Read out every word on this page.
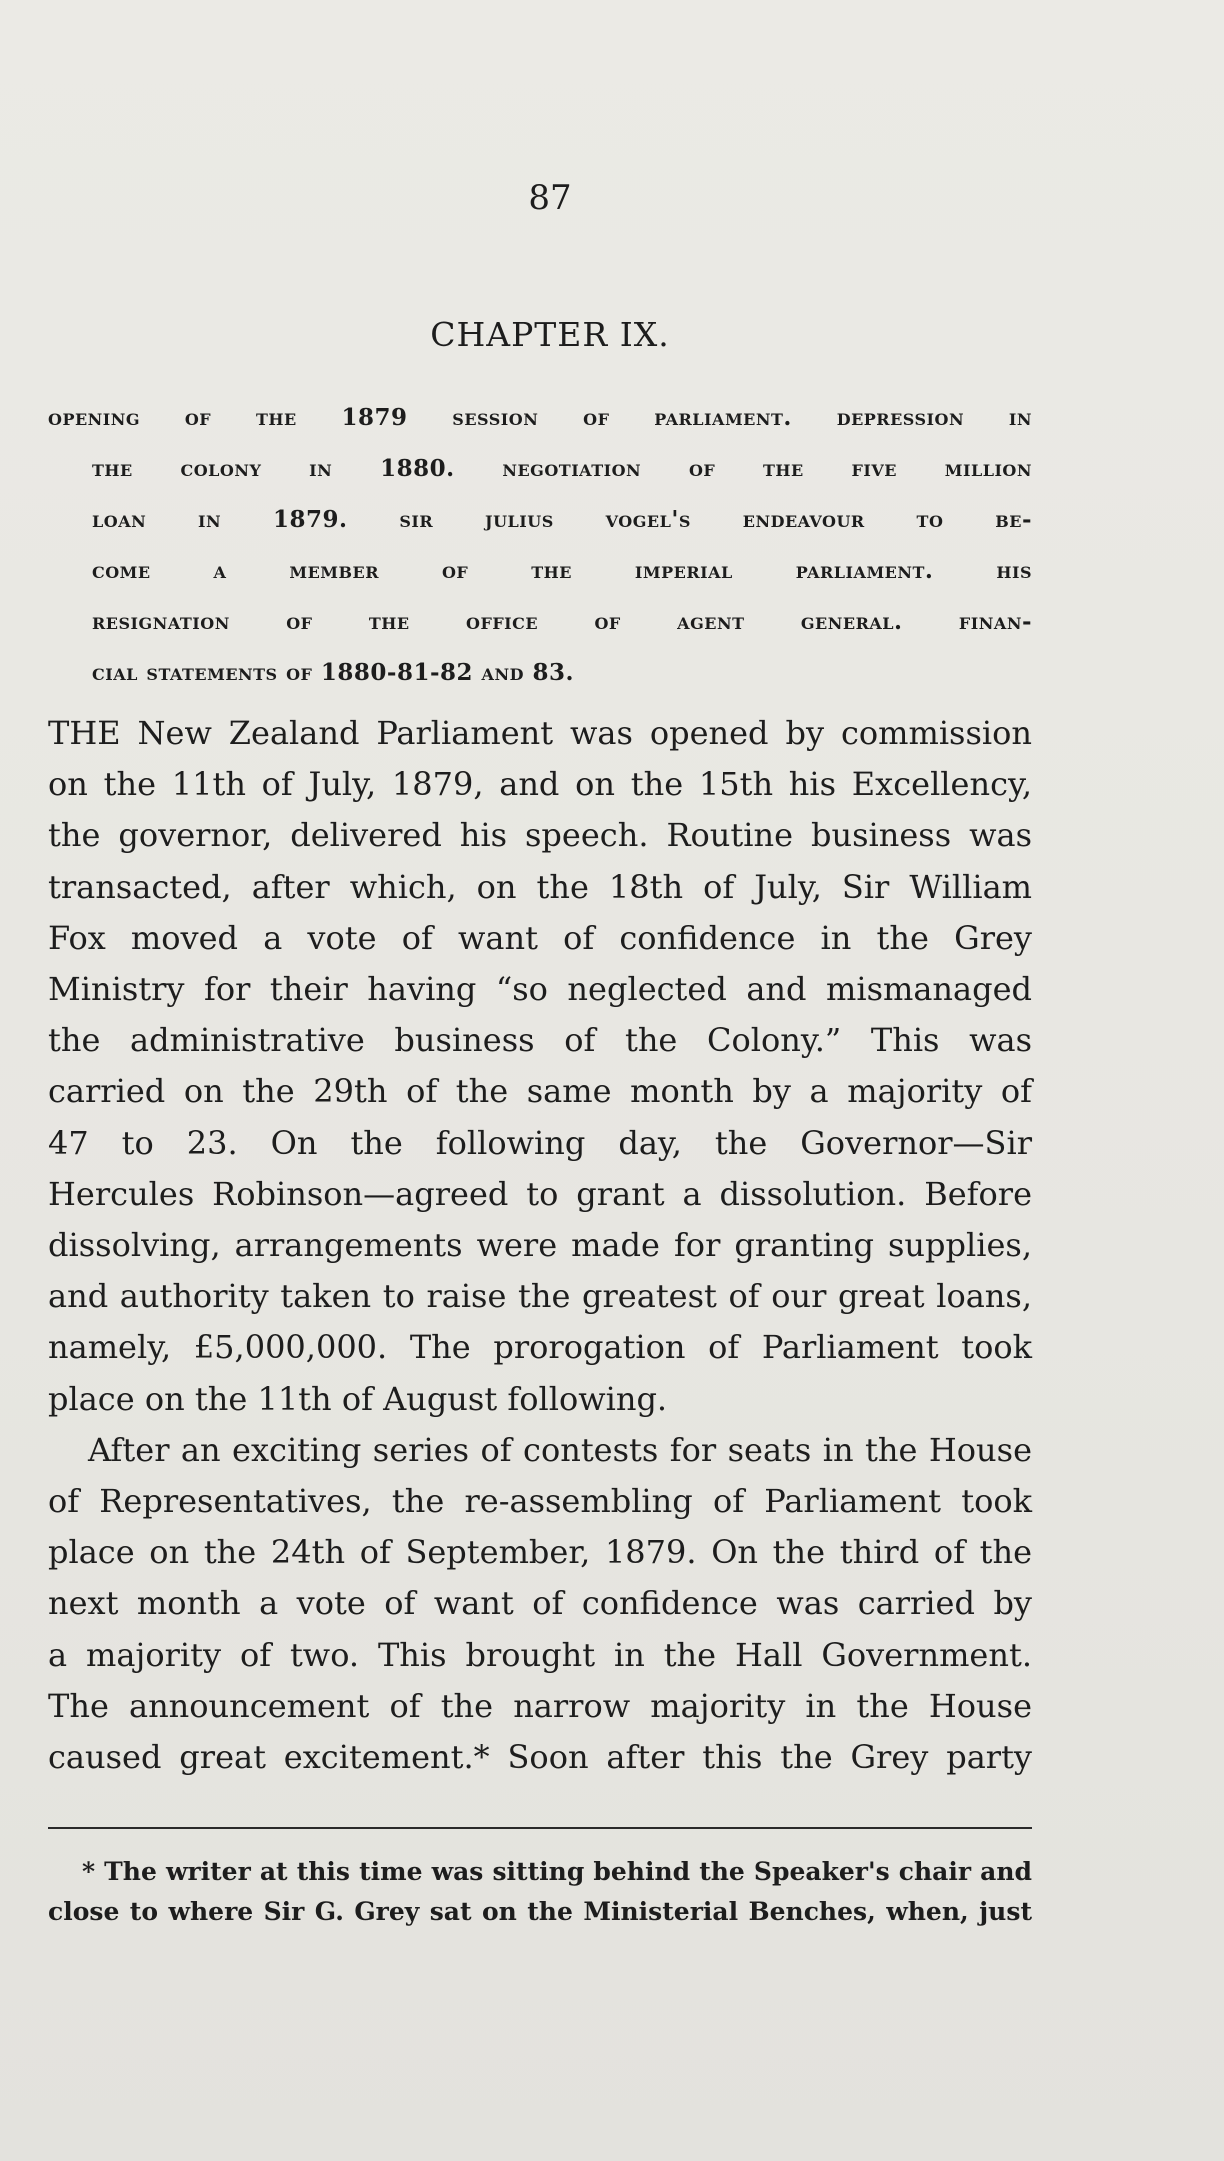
87
CHAPTER IX.
opening of the 1879 session of parliament. depression in
the colony in 1880. negotiation of the five million
loan in 1879. sir julius vogel's endeavour to be-
come a member of the imperial parliament. his
resignation of the office of agent general. finan-
cial statements of 1880-81-82 and 83.
THE New Zealand Parliament was opened by commission
on the 11th of July, 1879, and on the 15th his Excellency,
the governor, delivered his speech. Routine business was
transacted, after which, on the 18th of July, Sir William
Fox moved a vote of want of confidence in the Grey
Ministry for their having “so neglected and mismanaged
the administrative business of the Colony.” This was
carried on the 29th of the same month by a majority of
47 to 23. On the following day, the Governor—Sir
Hercules Robinson—agreed to grant a dissolution. Before
dissolving, arrangements were made for granting supplies,
and authority taken to raise the greatest of our great loans,
namely, £5,000,000. The prorogation of Parliament took
place on the 11th of August following.
After an exciting series of contests for seats in the House
of Representatives, the re-assembling of Parliament took
place on the 24th of September, 1879. On the third of the
next month a vote of want of confidence was carried by
a majority of two. This brought in the Hall Government.
The announcement of the narrow majority in the House
caused great excitement.* Soon after this the Grey party
* The writer at this time was sitting behind the Speaker's chair and
close to where Sir G. Grey sat on the Ministerial Benches, when, just
